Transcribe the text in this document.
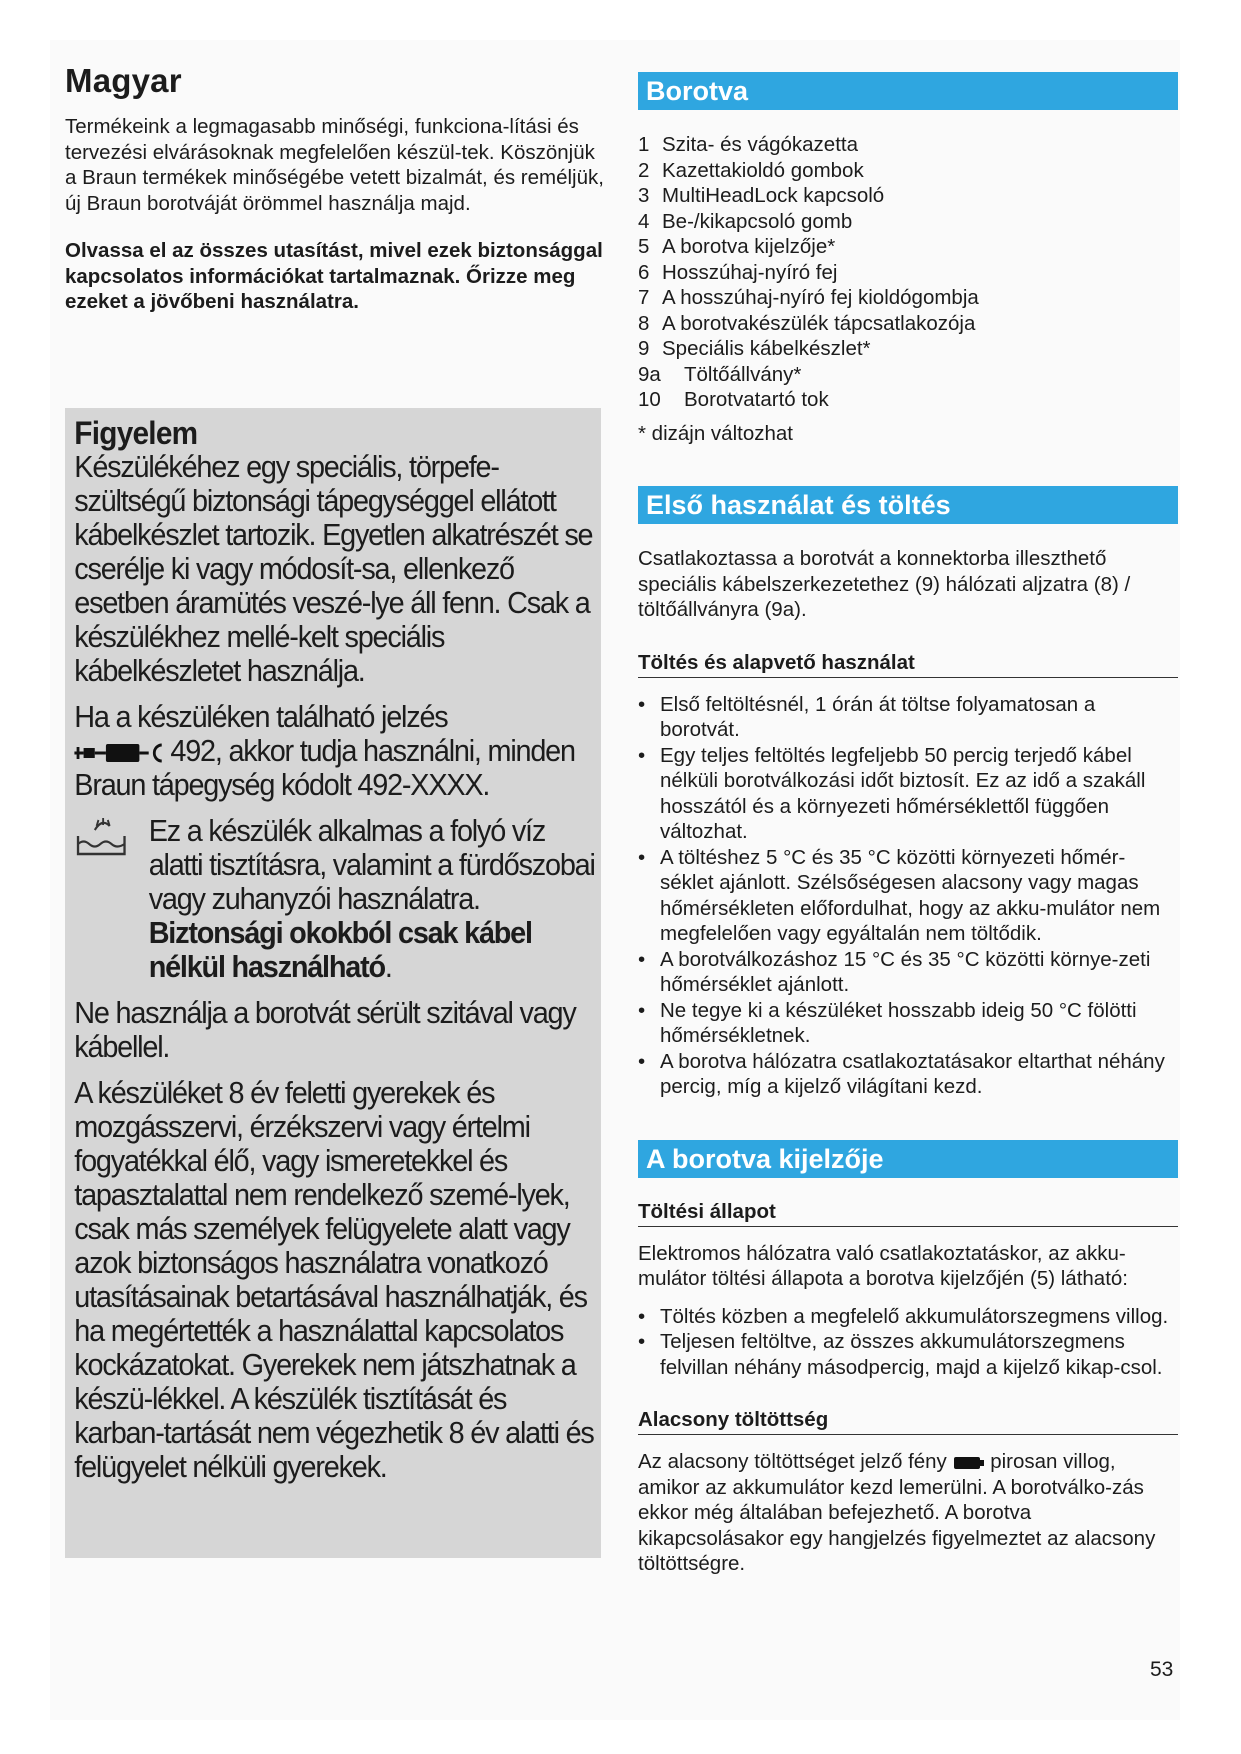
Magyar

Termékeink a legmagasabb minőségi, funkciona-lítási és tervezési elvárásoknak megfelelően készül-tek. Köszönjük a Braun termékek minőségébe vetett bizalmát, és reméljük, új Braun borotváját örömmel használja majd.

Olvassa el az összes utasítást, mivel ezek biztonsággal kapcsolatos információkat tartalmaznak. Őrizze meg ezeket a jövőbeni használatra.

Figyelem

Készülékéhez egy speciális, törpefe-szültségű biztonsági tápegységgel ellátott kábelkészlet tartozik. Egyetlen alkatrészét se cserélje ki vagy módosít-sa, ellenkező esetben áramütés veszé-lye áll fenn. Csak a készülékhez mellé-kelt speciális kábelkészletet használja.

Ha a készüléken található jelzés
492, akkor tudja használni, minden Braun tápegység kódolt 492-XXXX.

Ez a készülék alkalmas a folyó víz alatti tisztításra, valamint a fürdőszobai vagy zuhanyzói használatra. Biztonsági okokból csak kábel nélkül használható.

Ne használja a borotvát sérült szitával vagy kábellel.

A készüléket 8 év feletti gyerekek és mozgásszervi, érzékszervi vagy értelmi fogyatékkal élő, vagy ismeretekkel és tapasztalattal nem rendelkező szemé-lyek, csak más személyek felügyelete alatt vagy azok biztonságos használatra vonatkozó utasításainak betartásával használhatják, és ha megértették a használattal kapcsolatos kockázatokat. Gyerekek nem játszhatnak a készü-lékkel. A készülék tisztítását és karban-tartását nem végezhetik 8 év alatti és felügyelet nélküli gyerekek.

Borotva
1 Szita- és vágókazetta
2 Kazettakioldó gombok
3 MultiHeadLock kapcsoló
4 Be-/kikapcsoló gomb
5 A borotva kijelzője*
6 Hosszúhaj-nyíró fej
7 A hosszúhaj-nyíró fej kioldógombja
8 A borotvakészülék tápcsatlakozója
9 Speciális kábelkészlet*
9a	Töltőállvány*
10	Borotvatartó tok

* dizájn változhat

Első használat és töltés

Csatlakoztassa a borotvát a konnektorba illeszthető speciális kábelszerkezetethez (9) hálózati aljzatra (8) / töltőállványra (9a).

Töltés és alapvető használat
• Első feltöltésnél, 1 órán át töltse folyamatosan a borotvát.
• Egy teljes feltöltés legfeljebb 50 percig terjedő kábel nélküli borotválkozási időt biztosít. Ez az idő a szakáll hosszától és a környezeti hőmérséklettől függően változhat.
• A töltéshez 5 °C és 35 °C közötti környezeti hőmér-séklet ajánlott. Szélsőségesen alacsony vagy magas hőmérsékleten előfordulhat, hogy az akku-mulátor nem megfelelően vagy egyáltalán nem töltődik.
• A borotválkozáshoz 15 °C és 35 °C közötti környe-zeti hőmérséklet ajánlott.
• Ne tegye ki a készüléket hosszabb ideig 50 °C fölötti hőmérsékletnek.
• A borotva hálózatra csatlakoztatásakor eltarthat néhány percig, míg a kijelző világítani kezd.
A borotva kijelzője
Töltési állapot

Elektromos hálózatra való csatlakoztatáskor, az akku-mulátor töltési állapota a borotva kijelzőjén (5) látható:

• Töltés közben a megfelelő akkumulátorszegmens villog.
• Teljesen feltöltve, az összes akkumulátorszegmens felvillan néhány másodpercig, majd a kijelző kikap-csol.
Alacsony töltöttség

Az alacsony töltöttséget jelző fény pirosan villog, amikor az akkumulátor kezd lemerülni. A borotválko-zás ekkor még általában befejezhető. A borotva kikapcsolásakor egy hangjelzés figyelmeztet az alacsony töltöttségre.

53
